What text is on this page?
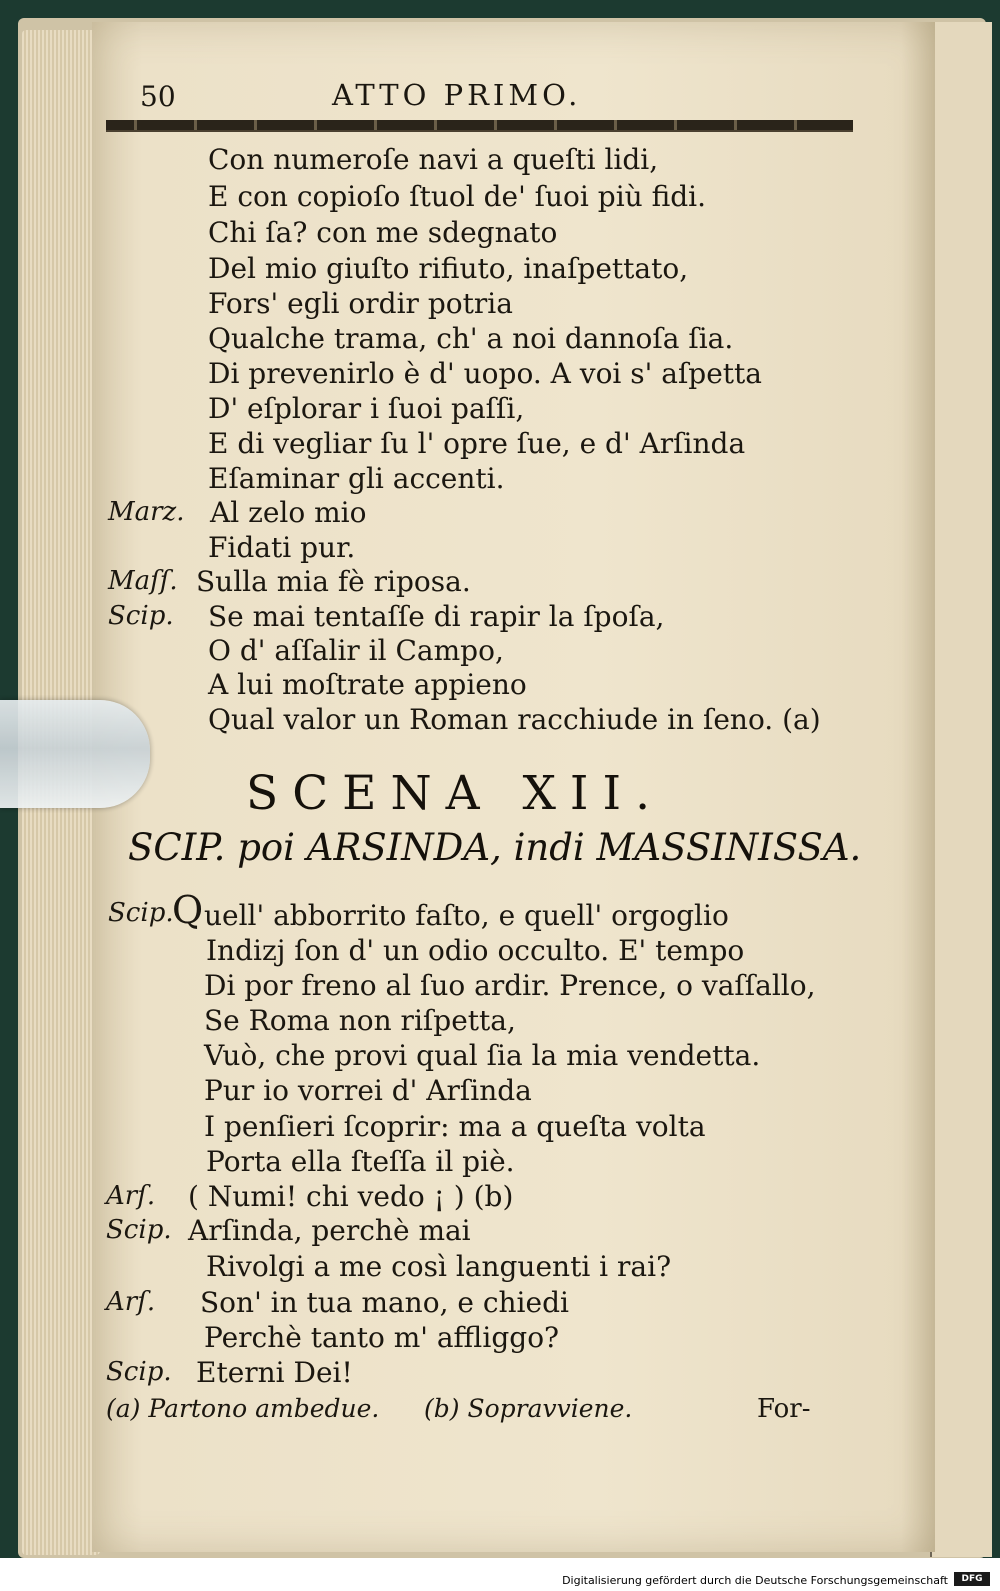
50	ATTO PRIMO.
Con numeroſe navi a queſti lidi,
E con copioſo ſtuol de' ſuoi più fidi.
Chi ſa? con me sdegnato
Del mio giuſto rifiuto, inaſpettato,
Fors' egli ordir potria
Qualche trama, ch' a noi dannoſa ſia.
Di prevenirlo è d' uopo. A voi s' aſpetta
D' eſplorar i ſuoi paſſi,
E di vegliar ſu l' opre ſue, e d' Arſinda
Eſaminar gli accenti.
Marz. Al zelo mio
Fidati pur.
Maſſ. Sulla mia fè riposa.
Scip. Se mai tentaſſe di rapir la ſpoſa,
O d' aſſalir il Campo,
A lui moſtrate appieno
Qual valor un Roman racchiude in ſeno. (a)
SCENA XII.
SCIP. poi ARSINDA, indi MASSINISSA.
Scip.
Q uell' abborrito faſto, e quell' orgoglio
Indizj ſon d' un odio occulto. E' tempo
Di por freno al ſuo ardir. Prence, o vaſſallo,
Se Roma non riſpetta,
Vuò, che provi qual ſia la mia vendetta.
Pur io vorrei d' Arſinda
I penſieri ſcoprir: ma a queſta volta
Porta ella ſteſſa il piè.
Arſ. ( Numi! chi vedo ¡ ) (b)
Scip. Arſinda, perchè mai
Rivolgi a me così languenti i rai?
Arſ. Son' in tua mano, e chiedi
Perchè tanto m' affliggo?
Scip. Eterni Dei!
(a) Partono ambedue. (b) Sopravviene.	For-
Digitalisierung gefördert durch die Deutsche Forschungsgemeinschaft	DFG
